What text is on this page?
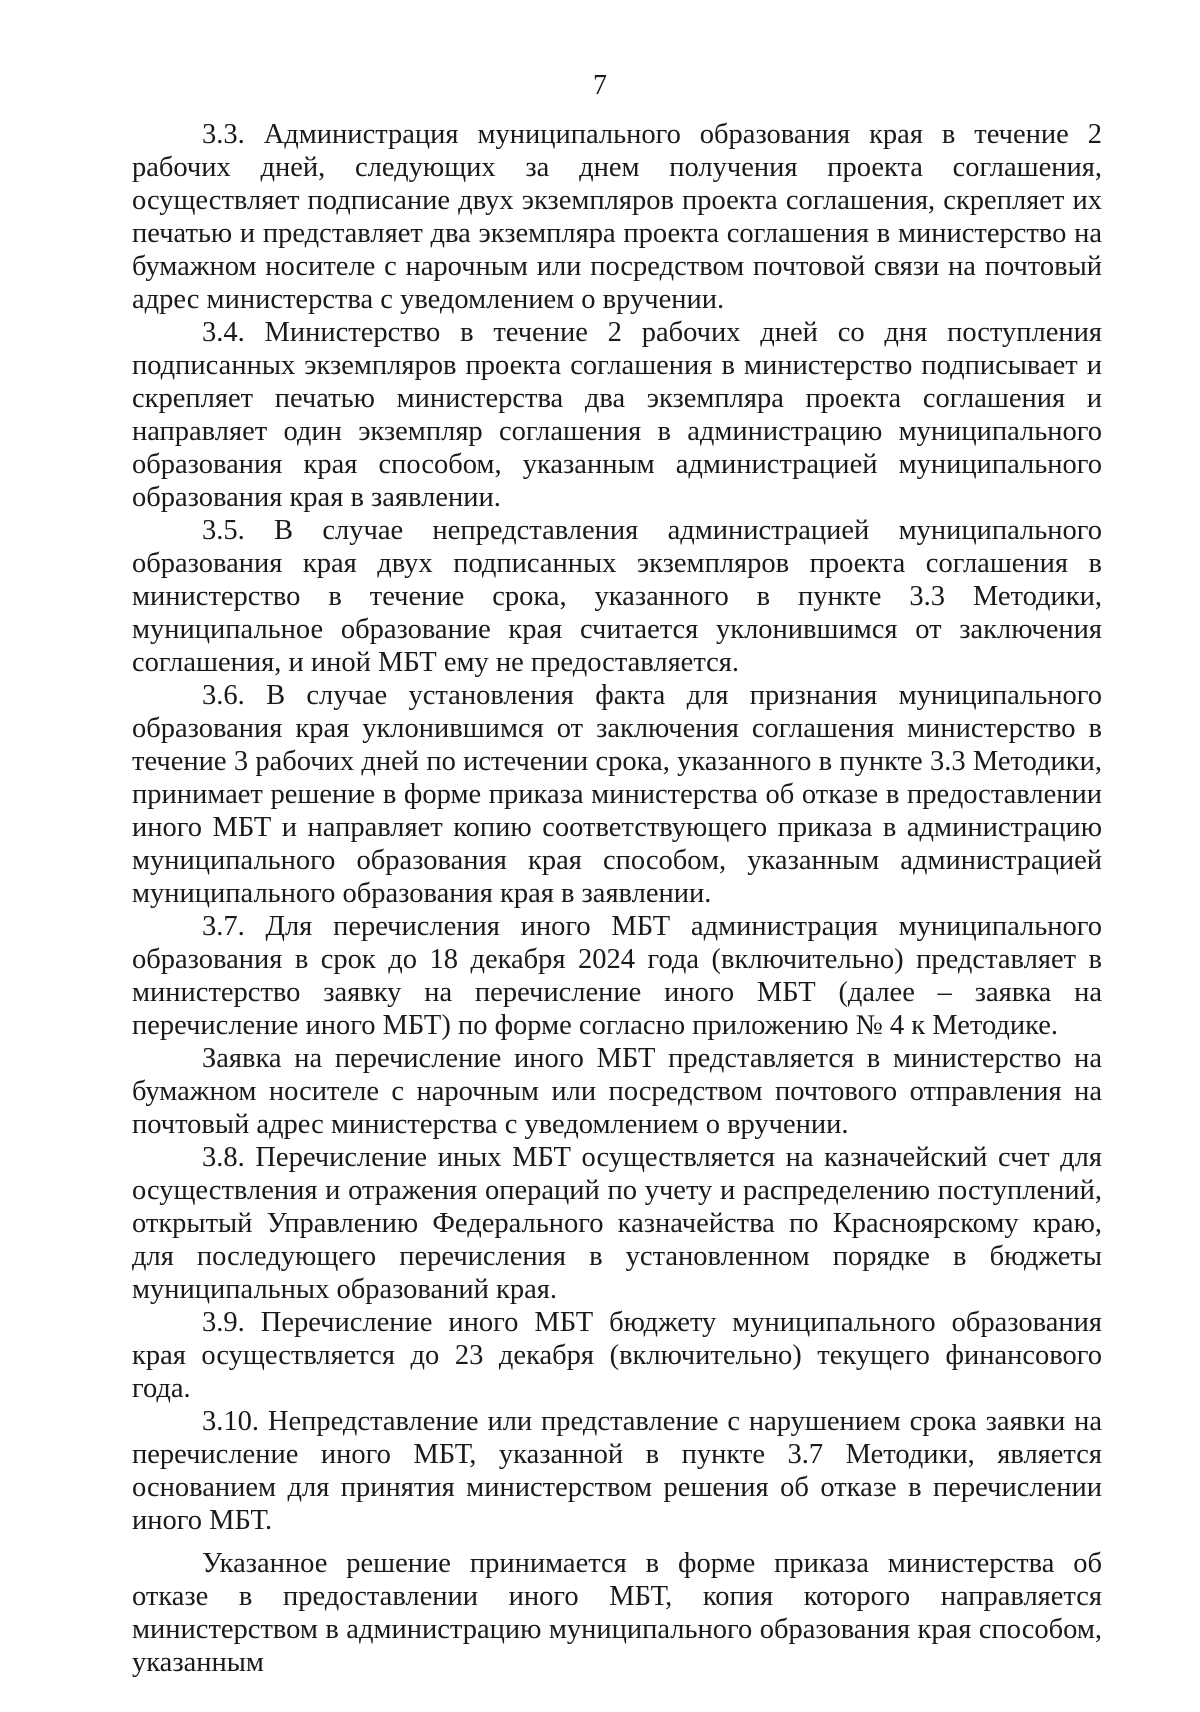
7

3.3. Администрация муниципального образования края в течение 2 рабочих дней, следующих за днем получения проекта соглашения, осуществляет подписание двух экземпляров проекта соглашения, скрепляет их печатью и представляет два экземпляра проекта соглашения в министерство на бумажном носителе с нарочным или посредством почтовой связи на почтовый адрес министерства с уведомлением о вручении.

3.4. Министерство в течение 2 рабочих дней со дня поступления подписанных экземпляров проекта соглашения в министерство подписывает и скрепляет печатью министерства два экземпляра проекта соглашения и направляет один экземпляр соглашения в администрацию муниципального образования края способом, указанным администрацией муниципального образования края в заявлении.

3.5. В случае непредставления администрацией муниципального образования края двух подписанных экземпляров проекта соглашения в министерство в течение срока, указанного в пункте 3.3 Методики, муниципальное образование края считается уклонившимся от заключения соглашения, и иной МБТ ему не предоставляется.

3.6. В случае установления факта для признания муниципального образования края уклонившимся от заключения соглашения министерство в течение 3 рабочих дней по истечении срока, указанного в пункте 3.3 Методики, принимает решение в форме приказа министерства об отказе в предоставлении иного МБТ и направляет копию соответствующего приказа в администрацию муниципального образования края способом, указанным администрацией муниципального образования края в заявлении.

3.7. Для перечисления иного МБТ администрация муниципального образования в срок до 18 декабря 2024 года (включительно) представляет в министерство заявку на перечисление иного МБТ (далее – заявка на перечисление иного МБТ) по форме согласно приложению № 4 к Методике.

Заявка на перечисление иного МБТ представляется в министерство на бумажном носителе с нарочным или посредством почтового отправления на почтовый адрес министерства с уведомлением о вручении.

3.8. Перечисление иных МБТ осуществляется на казначейский счет для осуществления и отражения операций по учету и распределению поступлений, открытый Управлению Федерального казначейства по Красноярскому краю, для последующего перечисления в установленном порядке в бюджеты муниципальных образований края.

3.9. Перечисление иного МБТ бюджету муниципального образования края осуществляется до 23 декабря (включительно) текущего финансового года.

3.10. Непредставление или представление с нарушением срока заявки на перечисление иного МБТ, указанной в пункте 3.7 Методики, является основанием для принятия министерством решения об отказе в перечислении иного МБТ.

Указанное решение принимается в форме приказа министерства об отказе в предоставлении иного МБТ, копия которого направляется министерством в администрацию муниципального образования края способом, указанным
